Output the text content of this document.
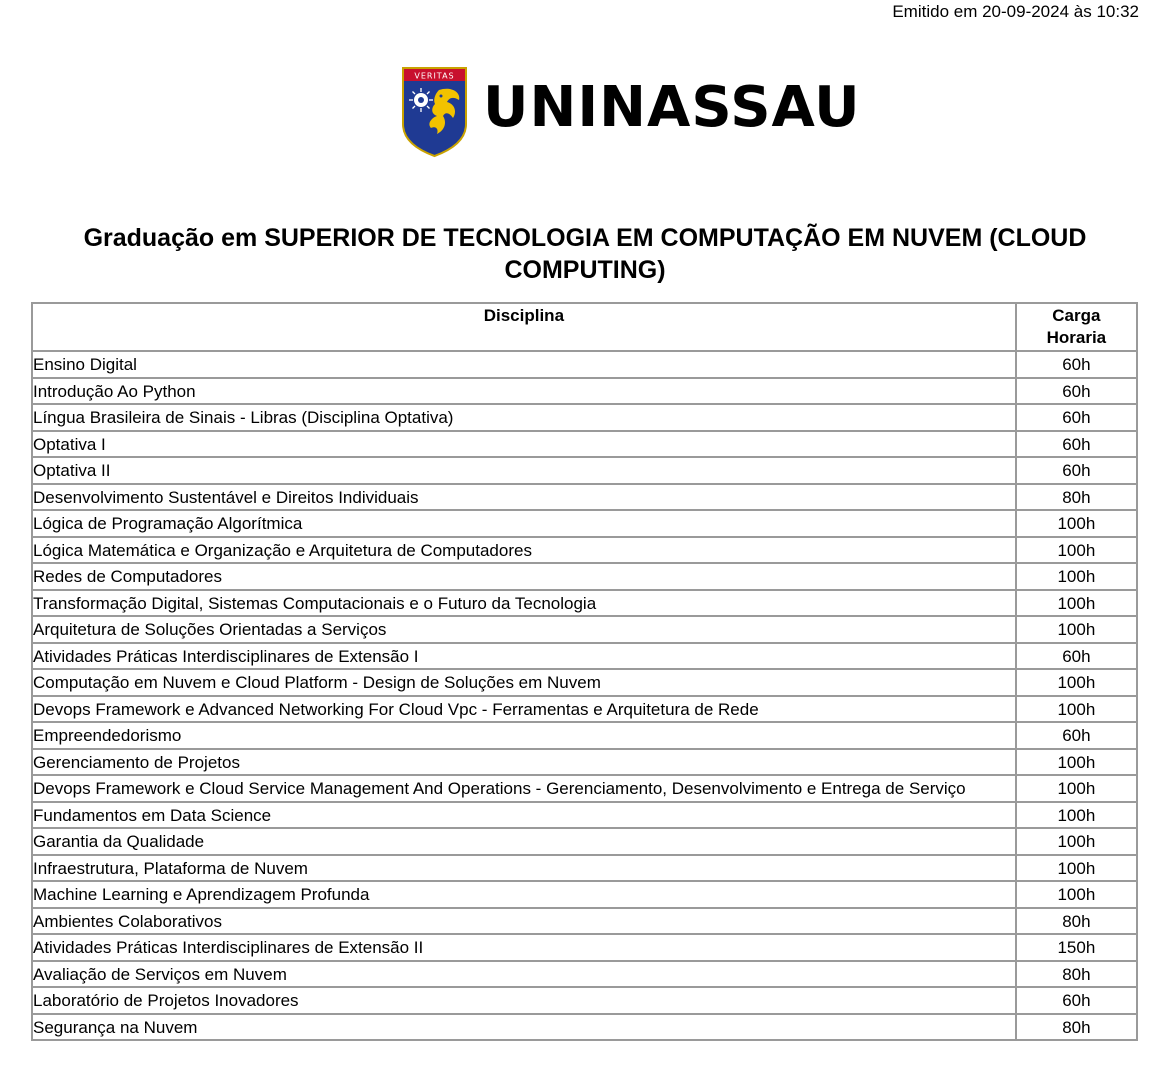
Emitido em 20-09-2024 às 10:32
VERITAS UNINASSAU
Graduação em SUPERIOR DE TECNOLOGIA EM COMPUTAÇÃO EM NUVEM (CLOUD COMPUTING)
Disciplina	Carga
Horaria

Ensino Digital	60h
Introdução Ao Python	60h
Língua Brasileira de Sinais - Libras (Disciplina Optativa)	60h
Optativa I	60h
Optativa II	60h
Desenvolvimento Sustentável e Direitos Individuais	80h
Lógica de Programação Algorítmica	100h
Lógica Matemática e Organização e Arquitetura de Computadores	100h
Redes de Computadores	100h
Transformação Digital, Sistemas Computacionais e o Futuro da Tecnologia	100h
Arquitetura de Soluções Orientadas a Serviços	100h
Atividades Práticas Interdisciplinares de Extensão I	60h
Computação em Nuvem e Cloud Platform - Design de Soluções em Nuvem	100h
Devops Framework e Advanced Networking For Cloud Vpc - Ferramentas e Arquitetura de Rede	100h
Empreendedorismo	60h
Gerenciamento de Projetos	100h
Devops Framework e Cloud Service Management And Operations - Gerenciamento, Desenvolvimento e Entrega de Serviço	100h
Fundamentos em Data Science	100h
Garantia da Qualidade	100h
Infraestrutura, Plataforma de Nuvem	100h
Machine Learning e Aprendizagem Profunda	100h
Ambientes Colaborativos	80h
Atividades Práticas Interdisciplinares de Extensão II	150h
Avaliação de Serviços em Nuvem	80h
Laboratório de Projetos Inovadores	60h
Segurança na Nuvem	80h
